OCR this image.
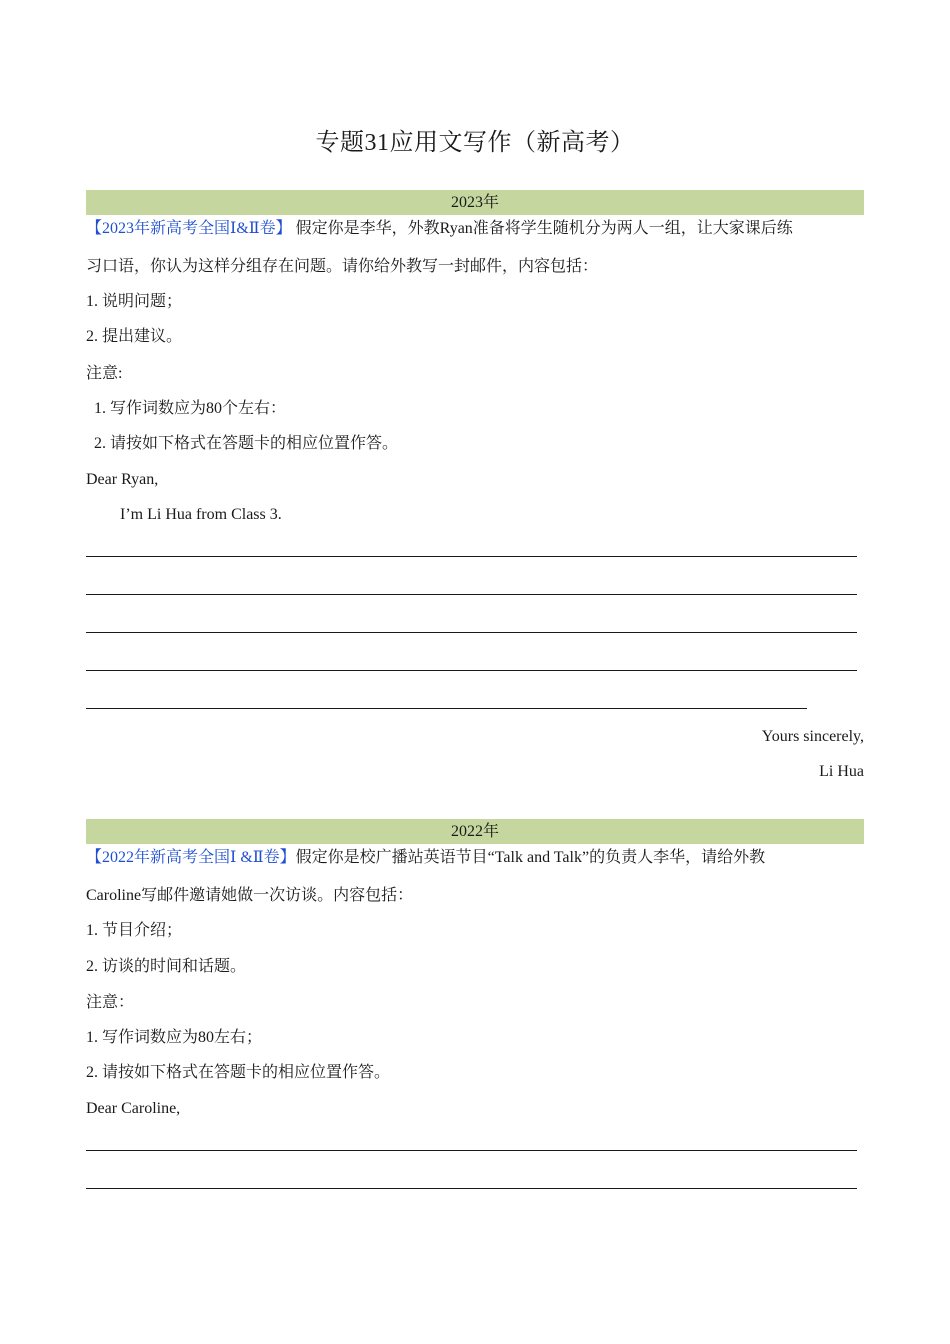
专题31应用文写作（新高考）
2023年
【2023年新高考全国Ⅰ&Ⅱ卷】 假定你是李华，外教Ryan准备将学生随机分为两人一组，让大家课后练
习口语，你认为这样分组存在问题。请你给外教写一封邮件，内容包括：
1. 说明问题；
2. 提出建议。
注意:
1. 写作词数应为80个左右：
2. 请按如下格式在答题卡的相应位置作答。
Dear Ryan,
I’m Li Hua from Class 3.
Yours sincerely,
Li Hua
2022年
【2022年新高考全国Ⅰ &Ⅱ卷】假定你是校广播站英语节目“Talk and Talk”的负责人李华，请给外教
Caroline写邮件邀请她做一次访谈。内容包括：
1. 节目介绍；
2. 访谈的时间和话题。
注意：
1. 写作词数应为80左右；
2. 请按如下格式在答题卡的相应位置作答。
Dear Caroline,
